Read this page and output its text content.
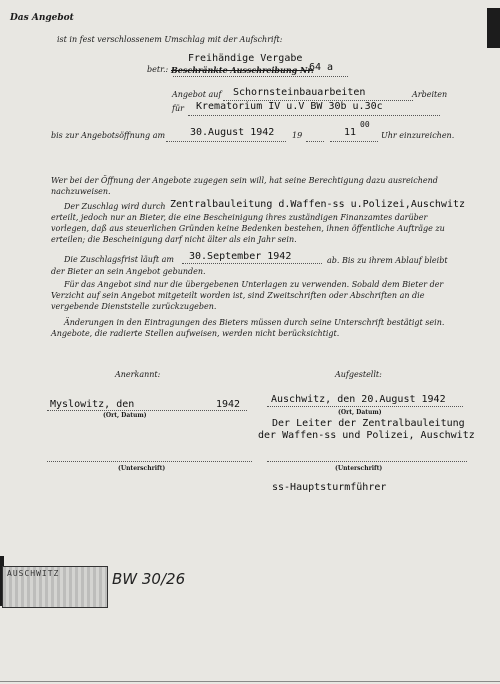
Das Angebot
ist in fest verschlossenem Umschlag mit der Aufschrift:
Freihändige Vergabe
betr.: Beschränkte Ausschreibung Nr.
64 a
Angebot auf Schornsteinbauarbeiten	Arbeiten
für Krematorium IV u.V BW 30b u.30c
bis zur Angebotsöffnung am 30.August 1942 19	11
00
Uhr einzureichen.
Wer bei der Öffnung der Angebote zugegen sein will, hat seine Berechtigung dazu ausreichend nachzuweisen.
Der Zuschlag wird durch Zentralbauleitung d.Waffen-ss u.Polizei,Auschwitz
erteilt, jedoch nur an Bieter, die eine Bescheinigung ihres zuständigen Finanzamtes darüber vorlegen, daß aus steuerlichen Gründen keine Bedenken bestehen, ihnen öffentliche Aufträge zu erteilen; die Bescheinigung darf nicht älter als ein Jahr sein.
Die Zuschlagsfrist läuft am 30.September 1942	ab. Bis zu ihrem Ablauf bleibt der Bieter an sein Angebot gebunden.
Für das Angebot sind nur die übergebenen Unterlagen zu verwenden. Sobald dem Bieter der Verzicht auf sein Angebot mitgeteilt worden ist, sind Zweitschriften oder Abschriften an die vergebende Dienststelle zurückzugeben.
Änderungen in den Eintragungen des Bieters müssen durch seine Unterschrift bestätigt sein. Angebote, die radierte Stellen aufweisen, werden nicht berücksichtigt.
Anerkannt:
Myslowitz, den	1942
(Ort, Datum)
(Unterschrift)
Aufgestellt:
Auschwitz, den 20.August 1942
(Ort, Datum)
Der Leiter der Zentralbauleitung
der Waffen-ss und Polizei, Auschwitz
(Unterschrift)
ss-Hauptsturmführer
AUSCHWITZ	BW 30/26
